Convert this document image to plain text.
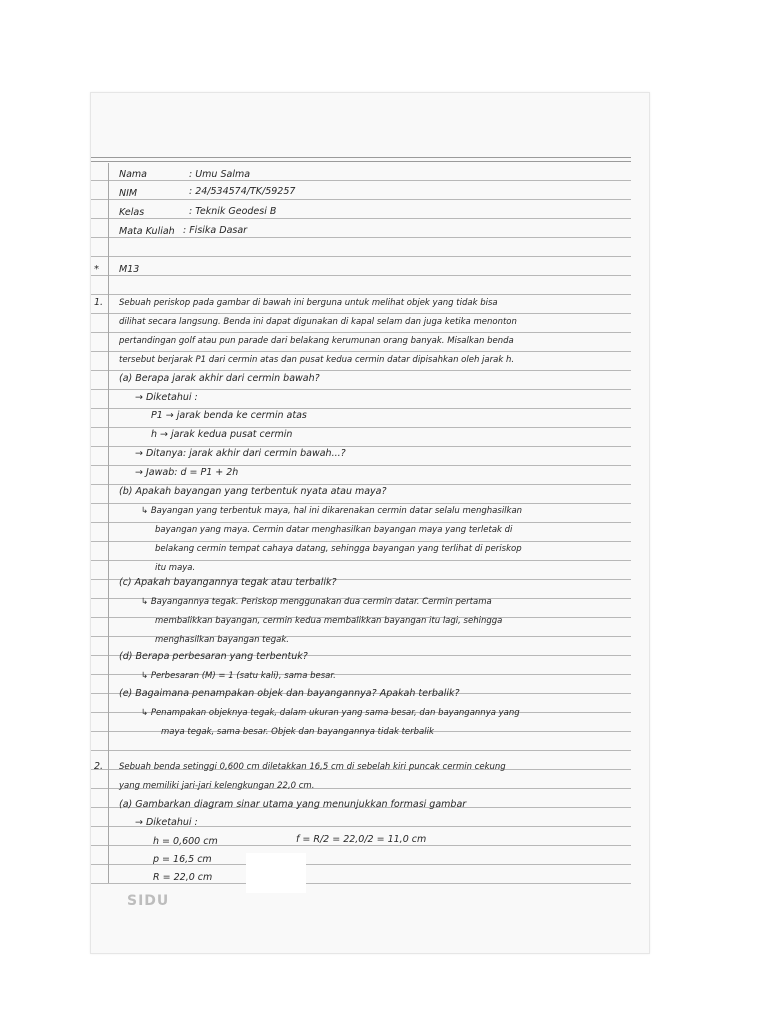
Nama	: Umu Salma
NIM	: 24/534574/TK/59257
Kelas	: Teknik Geodesi B
Mata Kuliah : Fisika Dasar
* M13
1. Sebuah periskop pada gambar di bawah ini berguna untuk melihat objek yang tidak bisa
dilihat secara langsung. Benda ini dapat digunakan di kapal selam dan juga ketika menonton
pertandingan golf atau pun parade dari belakang kerumunan orang banyak. Misalkan benda
tersebut berjarak P1 dari cermin atas dan pusat kedua cermin datar dipisahkan oleh jarak h.
(a) Berapa jarak akhir dari cermin bawah?
→ Diketahui :
P1 → jarak benda ke cermin atas
h → jarak kedua pusat cermin
→ Ditanya: jarak akhir dari cermin bawah...?
→ Jawab: d = P1 + 2h
(b) Apakah bayangan yang terbentuk nyata atau maya?
↳ Bayangan yang terbentuk maya, hal ini dikarenakan cermin datar selalu menghasilkan
bayangan yang maya. Cermin datar menghasilkan bayangan maya yang terletak di
belakang cermin tempat cahaya datang, sehingga bayangan yang terlihat di periskop
itu maya.
(c) Apakah bayangannya tegak atau terbalik?
↳ Bayangannya tegak. Periskop menggunakan dua cermin datar. Cermin pertama
membalikkan bayangan, cermin kedua membalikkan bayangan itu lagi, sehingga
menghasilkan bayangan tegak.
(d) Berapa perbesaran yang terbentuk?
↳ Perbesaran (M) = 1 (satu kali), sama besar.
(e) Bagaimana penampakan objek dan bayangannya? Apakah terbalik?
↳ Penampakan objeknya tegak, dalam ukuran yang sama besar, dan bayangannya yang
maya tegak, sama besar. Objek dan bayangannya tidak terbalik
2. Sebuah benda setinggi 0,600 cm diletakkan 16,5 cm di sebelah kiri puncak cermin cekung
yang memiliki jari-jari kelengkungan 22,0 cm.
(a) Gambarkan diagram sinar utama yang menunjukkan formasi gambar
→ Diketahui :
h = 0,600 cm	f = R/2 = 22,0/2 = 11,0 cm
p = 16,5 cm
R = 22,0 cm
SIDU
